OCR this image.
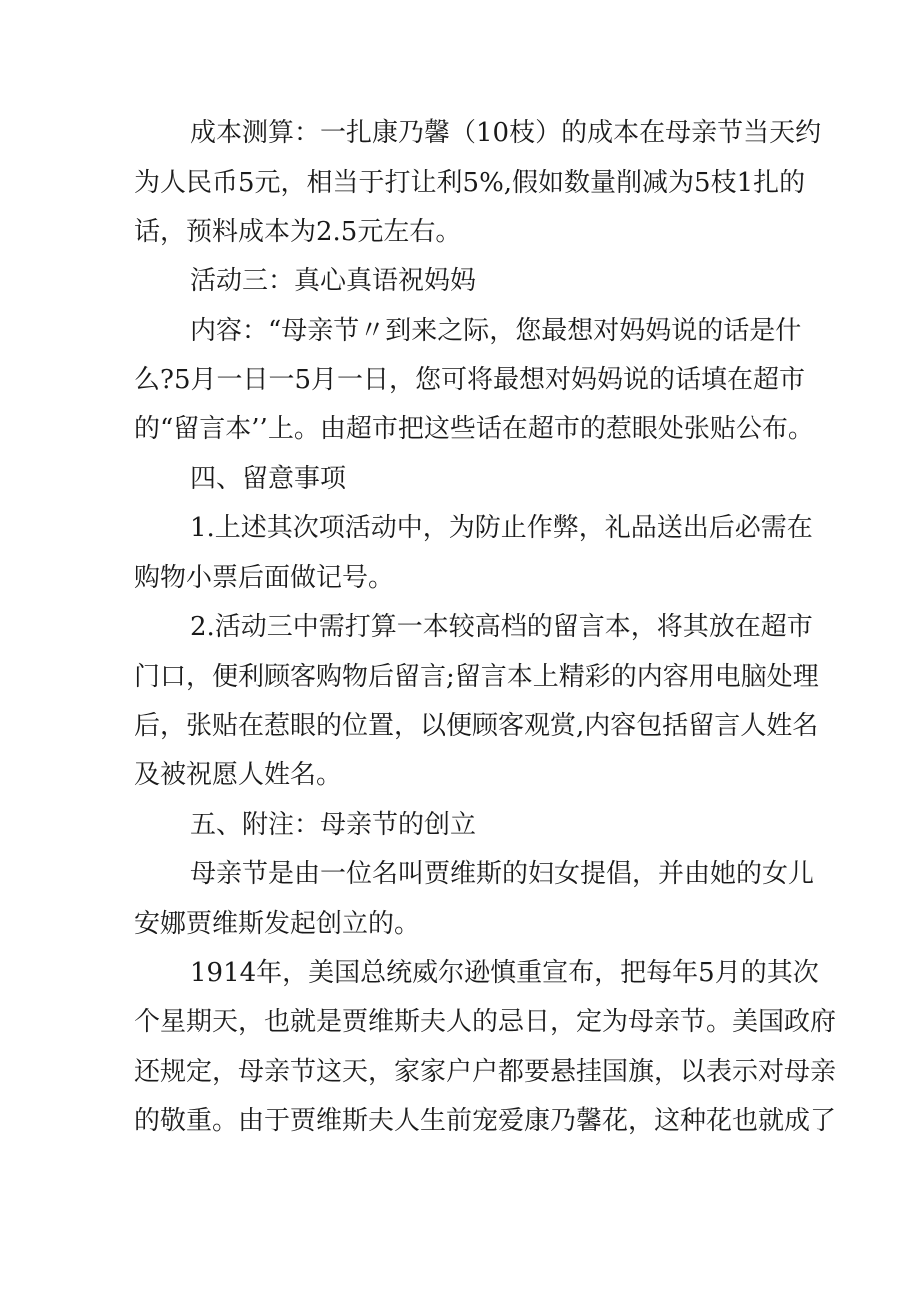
成本测算：一扎康乃馨（10枝）的成本在母亲节当天约
为人民币5元，相当于打让利5%,假如数量削减为5枝1扎的
话，预料成本为2.5元左右。
活动三：真心真语祝妈妈
内容：“母亲节〃到来之际，您最想对妈妈说的话是什
么?5月一日一5月一日，您可将最想对妈妈说的话填在超市
的“留言本’’上。由超市把这些话在超市的惹眼处张贴公布。
四、留意事项
1.上述其次项活动中，为防止作弊，礼品送出后必需在
购物小票后面做记号。
2.活动三中需打算一本较高档的留言本，将其放在超市
门口，便利顾客购物后留言;留言本上精彩的内容用电脑处理
后，张贴在惹眼的位置，以便顾客观赏,内容包括留言人姓名
及被祝愿人姓名。
五、附注：母亲节的创立
母亲节是由一位名叫贾维斯的妇女提倡，并由她的女儿
安娜贾维斯发起创立的。
1914年，美国总统威尔逊慎重宣布，把每年5月的其次
个星期天，也就是贾维斯夫人的忌日，定为母亲节。美国政府
还规定，母亲节这天，家家户户都要悬挂国旗，以表示对母亲
的敬重。由于贾维斯夫人生前宠爱康乃馨花，这种花也就成了
